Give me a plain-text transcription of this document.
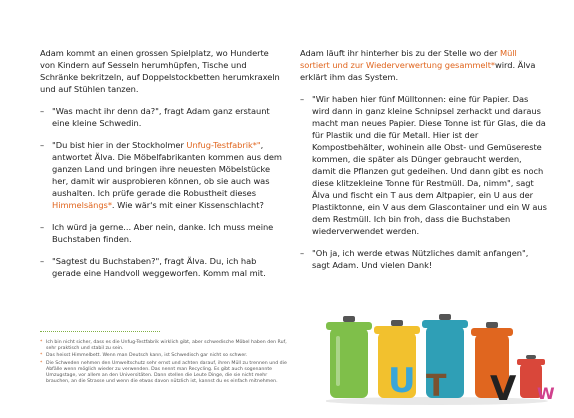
Adam kommt an einen grossen Spielplatz, wo Hunderte von Kindern auf Sesseln herumhüpfen, Tische und Schränke bekritzeln, auf Doppelstockbetten herumkraxeln und auf Stühlen tanzen.

– "Was macht ihr denn da?", fragt Adam ganz erstaunt eine kleine Schwedin.
– "Du bist hier in der Stockholmer Unfug-Testfabrik*", antwortet Älva. Die Möbelfabrikanten kommen aus dem ganzen Land und bringen ihre neuesten Möbelstücke her, damit wir ausprobieren können, ob sie auch was aushalten. Ich prüfe gerade die Robustheit dieses Himmelsängs*. Wie wär's mit einer Kissenschlacht?
– Ich würd ja gerne... Aber nein, danke. Ich muss meine Buchstaben finden.
– "Sagtest du Buchstaben?", fragt Älva. Du, ich hab gerade eine Handvoll weggeworfen. Komm mal mit.

Adam läuft ihr hinterher bis zu der Stelle wo der Müll sortiert und zur Wiederverwertung gesammelt*wird. Älva erklärt ihm das System.

– "Wir haben hier fünf Mülltonnen: eine für Papier. Das wird dann in ganz kleine Schnipsel zerhackt und daraus macht man neues Papier. Diese Tonne ist für Glas, die da für Plastik und die für Metall. Hier ist der Kompostbehälter, wohinein alle Obst- und Gemüsereste kommen, die später als Dünger gebraucht werden, damit die Pflanzen gut gedeihen. Und dann gibt es noch diese klitzekleine Tonne für Restmüll. Da, nimm", sagt Älva und fischt ein T aus dem Altpapier, ein U aus der Plastiktonne, ein V aus dem Glascontainer und ein W aus dem Restmüll. Ich bin froh, dass die Buchstaben wiederverwendet werden.
– "Oh ja, ich werde etwas Nützliches damit anfangen", sagt Adam. Und vielen Dank!
* Ich bin nicht sicher, dass es die Unfug-Testfabrik wirklich gibt, aber schwedische Möbel haben den Ruf, sehr praktisch und stabil zu sein.
* Das heisst Himmelbett. Wenn man Deutsch kann, ist Schwedisch gar nicht so schwer.
* Die Schweden nehmen den Umweltschutz sehr ernst und achten darauf, ihren Müll zu trennen und die Abfälle wenn möglich wieder zu verwenden. Das nennt man Recycling. Es gibt auch sogenannte Umzugstage, vor allem an den Universitäten. Dann stellen die Leute Dinge, die sie nicht mehr brauchen, an die Strasse und wenn die etwas davon nützlich ist, kannst du es einfach mitnehmen.	U T V W
